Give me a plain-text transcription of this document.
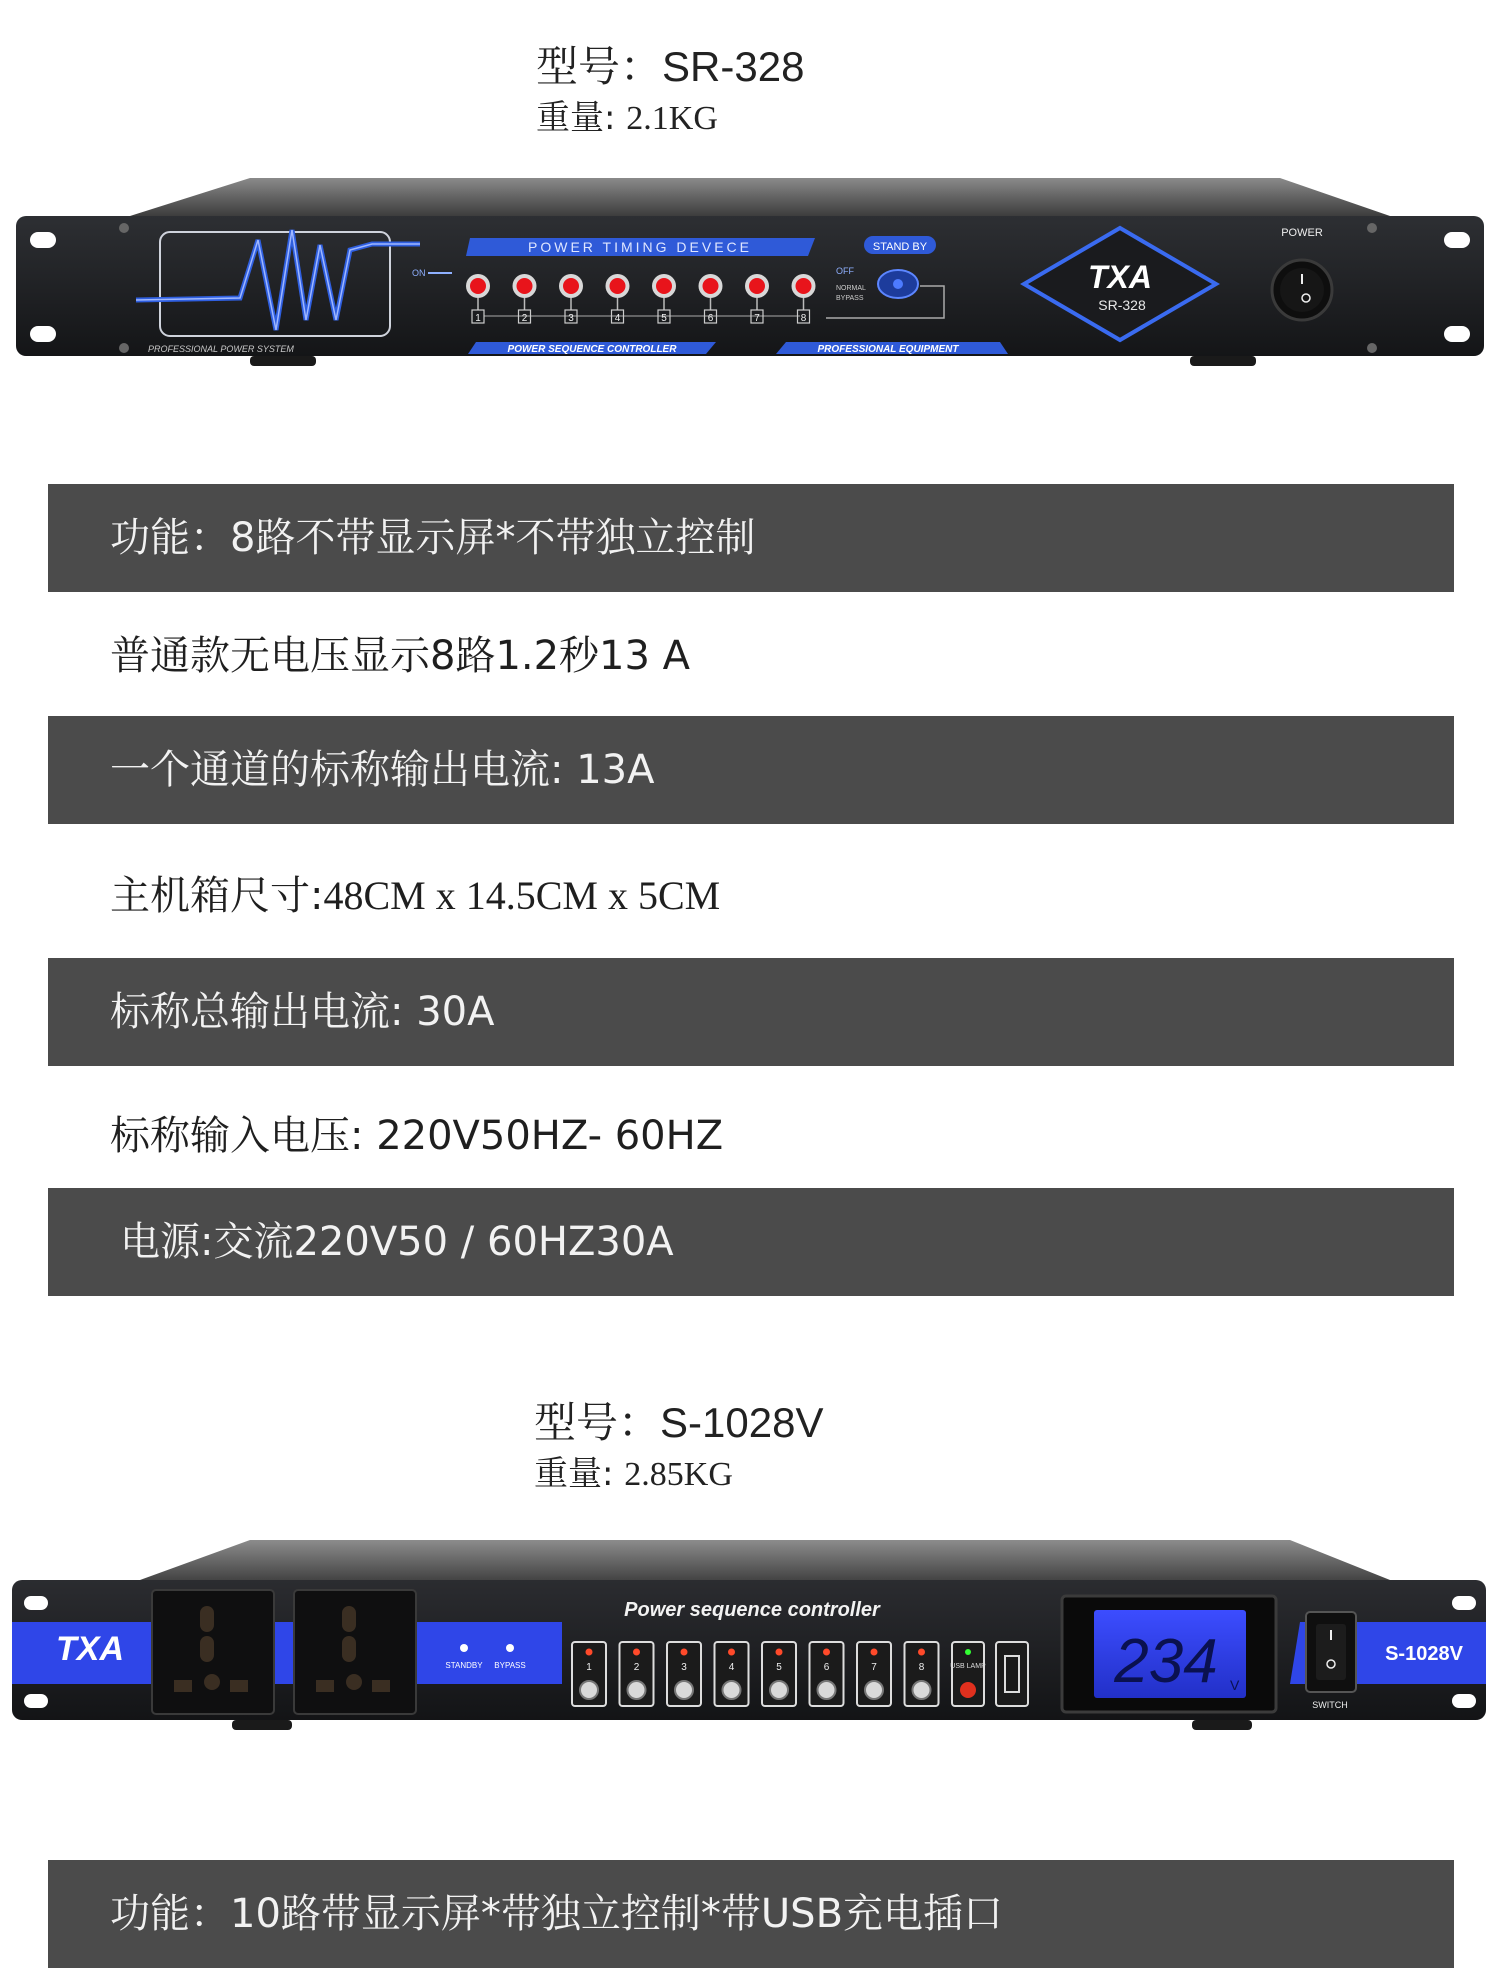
型号：SR-328
重量: 2.1KG
PROFESSIONAL POWER SYSTEM
POWER TIMING DEVECE	STAND BY
ON	OFF
1	2	3	4	5	6	7	8
NORMAL
BYPASS
POWER SEQUENCE CONTROLLER	PROFESSIONAL EQUIPMENT
TXA
SR-328
POWER
功能：8路不带显示屏*不带独立控制
普通款无电压显示8路1.2秒13 A
一个通道的标称输出电流: 13A
主机箱尺寸:48CM x 14.5CM x 5CM
标称总输出电流: 30A
标称输入电压: 220V50HZ- 60HZ
电源:交流220V50 / 60HZ30A
型号：S-1028V
重量: 2.85KG
TXA	STANDBY BYPASS
Power sequence controller
1	2	3	4	5	6	7	8	USB LAMP 234 V
SWITCH
S-1028V
功能：10路带显示屏*带独立控制*带USB充电插口
